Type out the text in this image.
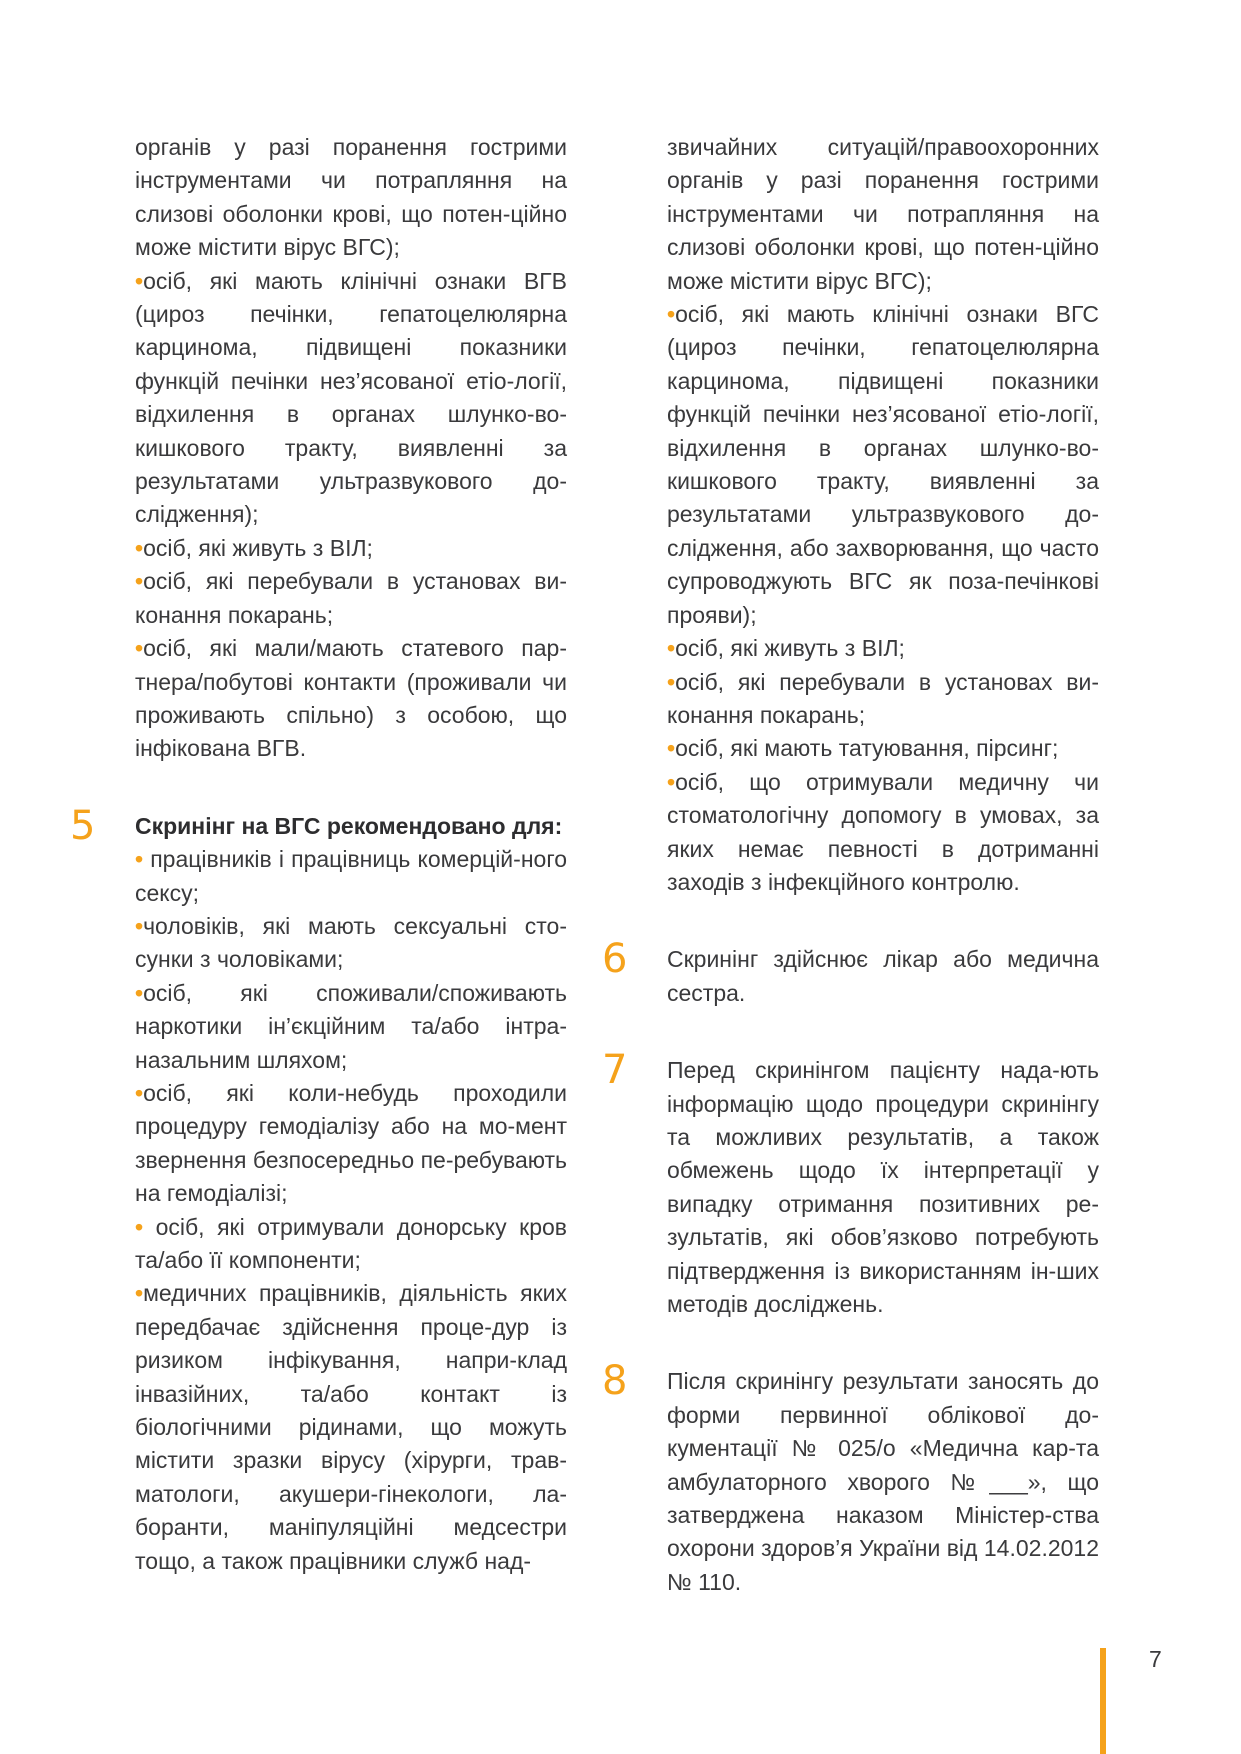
органів у разі поранення гострими інструментами чи потрапляння на слизові оболонки крові, що потен-ційно може містити вірус ВГС);

•осіб, які мають клінічні ознаки ВГВ (цироз печінки, гепатоцелюлярна карцинома, підвищені показники функцій печінки нез’ясованої етіо-логії, відхилення в органах шлунко-во-кишкового тракту, виявленні за результатами ультразвукового до-слідження);

•осіб, які живуть з ВІЛ;

•осіб, які перебували в установах ви-конання покарань;

•осіб, які мали/мають статевого пар-тнера/побутові контакти (проживали чи проживають спільно) з особою, що інфікована ВГВ.

5 Скринінг на ВГС рекомендовано для:

• працівників і працівниць комерцій-ного сексу;

•чоловіків, які мають сексуальні сто-сунки з чоловіками;

•осіб, які споживали/споживають наркотики ін’єкційним та/або інтра-назальним шляхом;

•осіб, які коли-небудь проходили процедуру гемодіалізу або на мо-мент звернення безпосередньо пе-ребувають на гемодіалізі;

• осіб, які отримували донорську кров та/або її компоненти;

•медичних працівників, діяльність яких передбачає здійснення проце-дур із ризиком інфікування, напри-клад інвазійних, та/або контакт із біологічними рідинами, що можуть містити зразки вірусу (хірурги, трав-матологи, акушери-гінекологи, ла-боранти, маніпуляційні медсестри тощо, а також працівники служб над-

звичайних ситуацій/правоохоронних органів у разі поранення гострими інструментами чи потрапляння на слизові оболонки крові, що потен-ційно може містити вірус ВГС);

•осіб, які мають клінічні ознаки ВГС (цироз печінки, гепатоцелюлярна карцинома, підвищені показники функцій печінки нез’ясованої етіо-логії, відхилення в органах шлунко-во-кишкового тракту, виявленні за результатами ультразвукового до-слідження, або захворювання, що часто супроводжують ВГС як поза-печінкові прояви);

•осіб, які живуть з ВІЛ;

•осіб, які перебували в установах ви-конання покарань;

•осіб, які мають татуювання, пірсинг;

•осіб, що отримували медичну чи стоматологічну допомогу в умовах, за яких немає певності в дотриманні заходів з інфекційного контролю.

6 Скринінг здійснює лікар або медична сестра.

7 Перед скринінгом пацієнту нада-ють інформацію щодо процедури скринінгу та можливих результатів, а також обмежень щодо їх інтерпретації у випадку отримання позитивних ре-зультатів, які обов’язково потребують підтвердження із використанням ін-ших методів досліджень.

8 Після скринінгу результати заносять до форми первинної облікової до-кументації № 025/о «Медична кар-та амбулаторного хворого №___», що затверджена наказом Міністер-ства охорони здоров’я України від 14.02.2012 № 110.

7
